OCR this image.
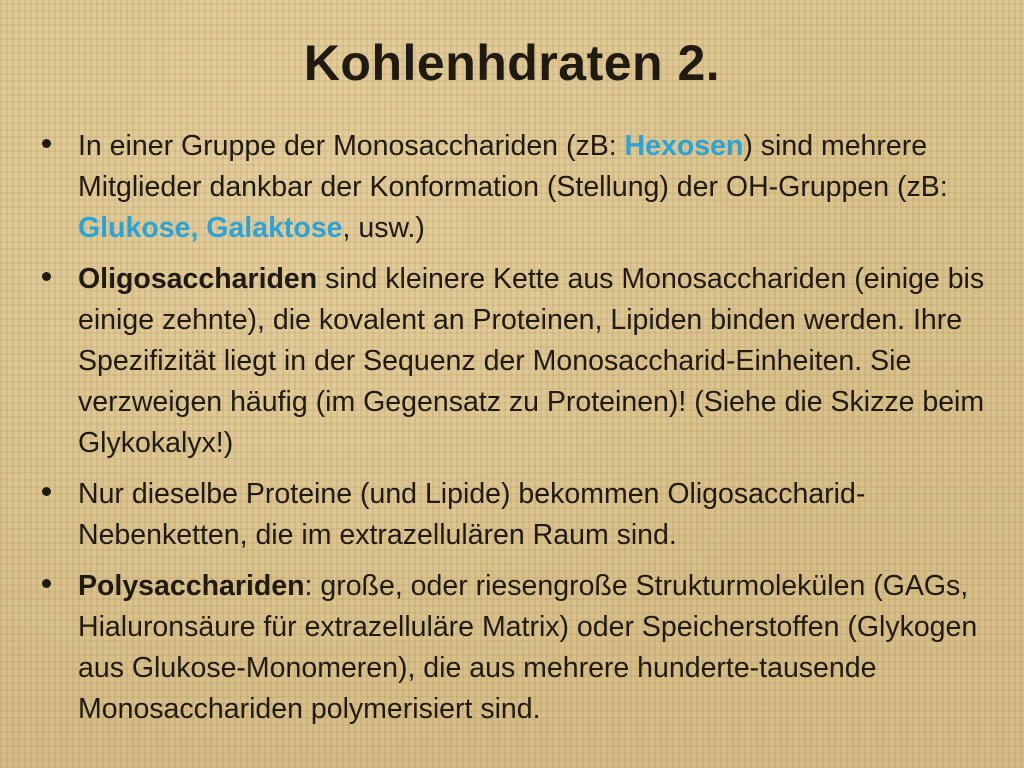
Kohlenhdraten 2.
In einer Gruppe der Monosacchariden (zB: Hexosen) sind mehrere Mitglieder dankbar der Konformation (Stellung) der OH-Gruppen (zB: Glukose, Galaktose, usw.)
Oligosacchariden sind kleinere Kette aus Monosacchariden (einige bis einige zehnte), die kovalent an Proteinen, Lipiden binden werden. Ihre Spezifizität liegt in der Sequenz der Monosaccharid-Einheiten. Sie verzweigen häufig (im Gegensatz zu Proteinen)! (Siehe die Skizze beim Glykokalyx!)
Nur dieselbe Proteine (und Lipide) bekommen Oligosaccharid-Nebenketten, die im extrazellulären Raum sind.
Polysacchariden: große, oder riesengroße Strukturmolekülen (GAGs, Hialuronsäure für extrazelluläre Matrix) oder Speicherstoffen (Glykogen aus Glukose-Monomeren), die aus mehrere hunderte-tausende Monosacchariden polymerisiert sind.
